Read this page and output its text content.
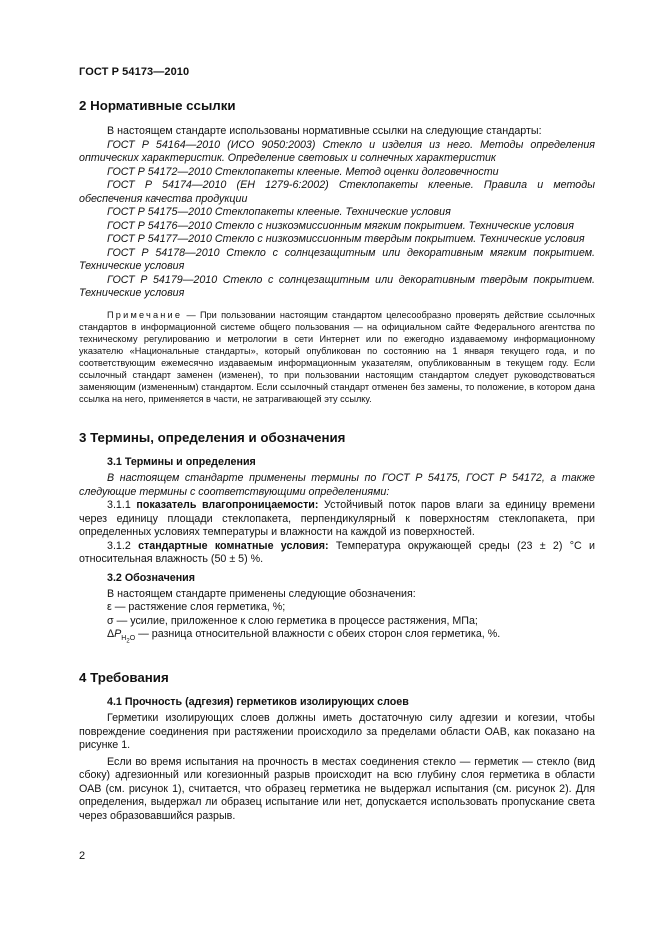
ГОСТ Р 54173—2010
2 Нормативные ссылки

В настоящем стандарте использованы нормативные ссылки на следующие стандарты:

ГОСТ Р 54164—2010 (ИСО 9050:2003) Стекло и изделия из него. Методы определения оптических характеристик. Определение световых и солнечных характеристик

ГОСТ Р 54172—2010 Стеклопакеты клееные. Метод оценки долговечности

ГОСТ Р 54174—2010 (ЕН 1279-6:2002) Стеклопакеты клееные. Правила и методы обеспечения качества продукции

ГОСТ Р 54175—2010 Стеклопакеты клееные. Технические условия

ГОСТ Р 54176—2010 Стекло с низкоэмиссионным мягким покрытием. Технические условия

ГОСТ Р 54177—2010 Стекло с низкоэмиссионным твердым покрытием. Технические условия

ГОСТ Р 54178—2010 Стекло с солнцезащитным или декоративным мягким покрытием. Технические условия

ГОСТ Р 54179—2010 Стекло с солнцезащитным или декоративным твердым покрытием. Технические условия

Примечание — При пользовании настоящим стандартом целесообразно проверять действие ссылочных стандартов в информационной системе общего пользования — на официальном сайте Федерального агентства по техническому регулированию и метрологии в сети Интернет или по ежегодно издаваемому информационному указателю «Национальные стандарты», который опубликован по состоянию на 1 января текущего года, и по соответствующим ежемесячно издаваемым информационным указателям, опубликованным в текущем году. Если ссылочный стандарт заменен (изменен), то при пользовании настоящим стандартом следует руководствоваться заменяющим (измененным) стандартом. Если ссылочный стандарт отменен без замены, то положение, в котором дана ссылка на него, применяется в части, не затрагивающей эту ссылку.

3 Термины, определения и обозначения
3.1 Термины и определения

В настоящем стандарте применены термины по ГОСТ Р 54175, ГОСТ Р 54172, а также следующие термины с соответствующими определениями:

3.1.1 показатель влагопроницаемости: Устойчивый поток паров влаги за единицу времени через единицу площади стеклопакета, перпендикулярный к поверхностям стеклопакета, при определенных условиях температуры и влажности на каждой из поверхностей.

3.1.2 стандартные комнатные условия: Температура окружающей среды (23 ± 2) °С и относительная влажность (50 ± 5) %.

3.2 Обозначения

В настоящем стандарте применены следующие обозначения:

ε — растяжение слоя герметика, %;

σ — усилие, приложенное к слою герметика в процессе растяжения, МПа;

$\Delta P_{H_2O}$ — разница относительной влажности с обеих сторон слоя герметика, %.

4 Требования
4.1 Прочность (адгезия) герметиков изолирующих слоев

Герметики изолирующих слоев должны иметь достаточную силу адгезии и когезии, чтобы повреждение соединения при растяжении происходило за пределами области ОАВ, как показано на рисунке 1.

Если во время испытания на прочность в местах соединения стекло — герметик — стекло (вид сбоку) адгезионный или когезионный разрыв происходит на всю глубину слоя герметика в области ОАВ (см. рисунок 1), считается, что образец герметика не выдержал испытания (см. рисунок 2). Для определения, выдержал ли образец испытание или нет, допускается использовать пропускание света через образовавшийся разрыв.

2
